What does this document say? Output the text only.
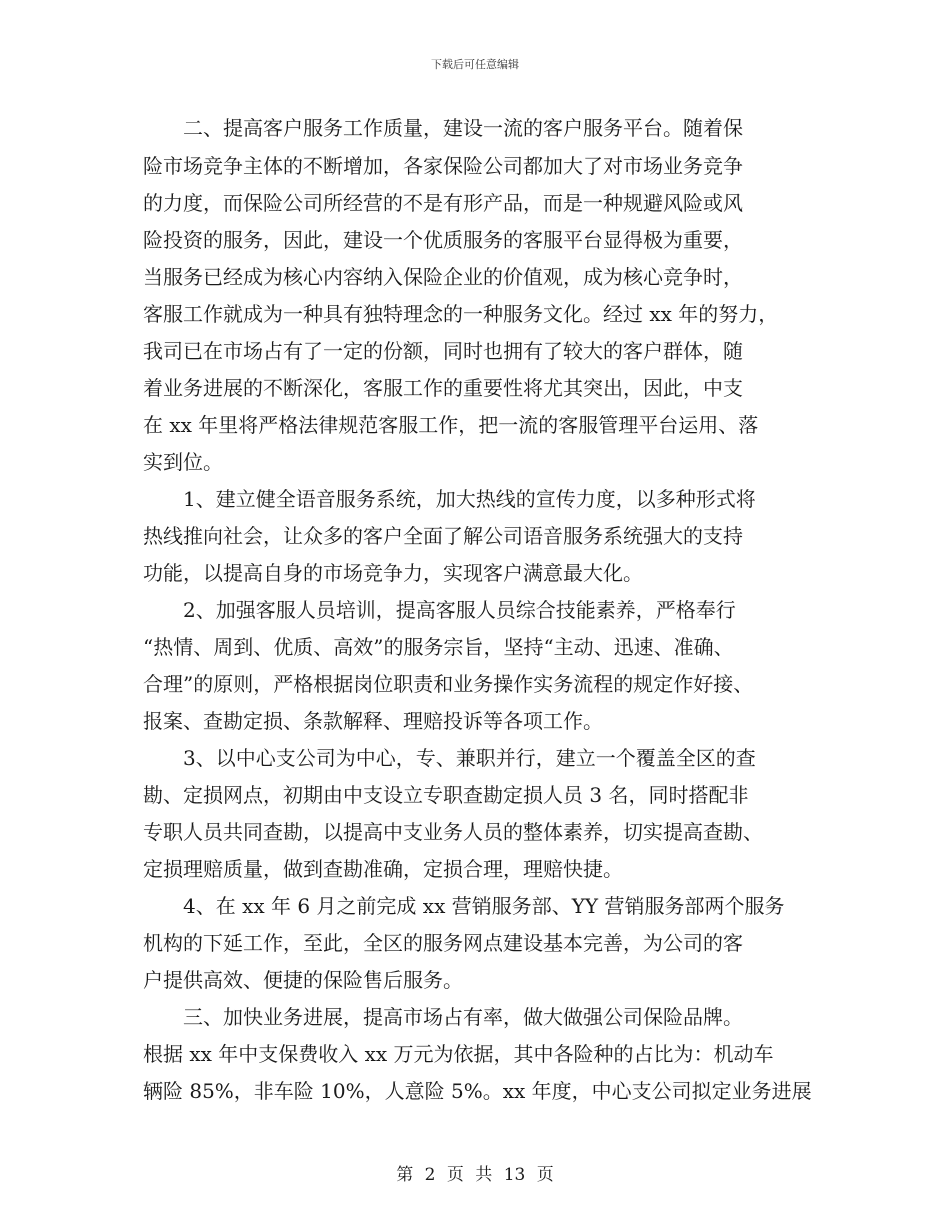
下载后可任意编辑
　　二、提高客户服务工作质量，建设一流的客户服务平台。随着保
险市场竞争主体的不断增加，各家保险公司都加大了对市场业务竞争
的力度，而保险公司所经营的不是有形产品，而是一种规避风险或风
险投资的服务，因此，建设一个优质服务的客服平台显得极为重要，
当服务已经成为核心内容纳入保险企业的价值观，成为核心竞争时，
客服工作就成为一种具有独特理念的一种服务文化。经过 xx 年的努力，
我司已在市场占有了一定的份额，同时也拥有了较大的客户群体，随
着业务进展的不断深化，客服工作的重要性将尤其突出，因此，中支
在 xx 年里将严格法律规范客服工作，把一流的客服管理平台运用、落
实到位。
　　1、建立健全语音服务系统，加大热线的宣传力度，以多种形式将
热线推向社会，让众多的客户全面了解公司语音服务系统强大的支持
功能，以提高自身的市场竞争力，实现客户满意最大化。
　　2、加强客服人员培训，提高客服人员综合技能素养，严格奉行
“热情、周到、优质、高效”的服务宗旨，坚持“主动、迅速、准确、
合理”的原则，严格根据岗位职责和业务操作实务流程的规定作好接、
报案、查勘定损、条款解释、理赔投诉等各项工作。
　　3、以中心支公司为中心，专、兼职并行，建立一个覆盖全区的查
勘、定损网点，初期由中支设立专职查勘定损人员 3 名，同时搭配非
专职人员共同查勘，以提高中支业务人员的整体素养，切实提高查勘、
定损理赔质量，做到查勘准确，定损合理，理赔快捷。
　　4、在 xx 年 6 月之前完成 xx 营销服务部、YY 营销服务部两个服务
机构的下延工作，至此，全区的服务网点建设基本完善，为公司的客
户提供高效、便捷的保险售后服务。
　　三、加快业务进展，提高市场占有率，做大做强公司保险品牌。
根据 xx 年中支保费收入 xx 万元为依据，其中各险种的占比为：机动车
辆险 85%，非车险 10%，人意险 5%。xx 年度，中心支公司拟定业务进展
第 2 页 共 13 页
